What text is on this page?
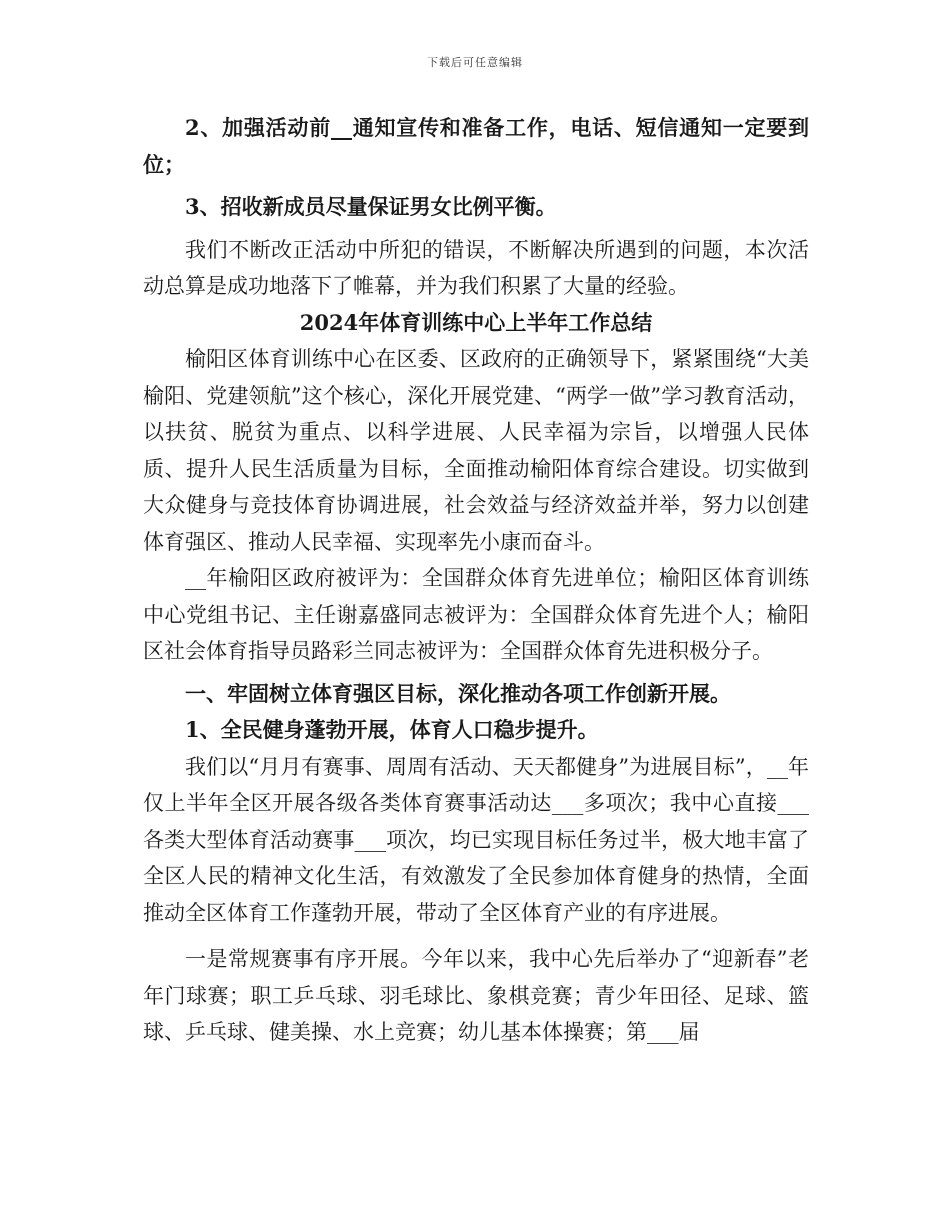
下载后可任意编辑

2、加强活动前__通知宣传和准备工作，电话、短信通知一定要到位；

3、招收新成员尽量保证男女比例平衡。

我们不断改正活动中所犯的错误，不断解决所遇到的问题，本次活动总算是成功地落下了帷幕，并为我们积累了大量的经验。

2024年体育训练中心上半年工作总结

榆阳区体育训练中心在区委、区政府的正确领导下，紧紧围绕“大美榆阳、党建领航”这个核心，深化开展党建、“两学一做”学习教育活动，以扶贫、脱贫为重点、以科学进展、人民幸福为宗旨，以增强人民体质、提升人民生活质量为目标，全面推动榆阳体育综合建设。切实做到大众健身与竞技体育协调进展，社会效益与经济效益并举，努力以创建体育强区、推动人民幸福、实现率先小康而奋斗。

__年榆阳区政府被评为：全国群众体育先进单位；榆阳区体育训练中心党组书记、主任谢嘉盛同志被评为：全国群众体育先进个人；榆阳区社会体育指导员路彩兰同志被评为：全国群众体育先进积极分子。

一、牢固树立体育强区目标，深化推动各项工作创新开展。

1、全民健身蓬勃开展，体育人口稳步提升。

我们以“月月有赛事、周周有活动、天天都健身”为进展目标”，__年仅上半年全区开展各级各类体育赛事活动达___多项次；我中心直接___各类大型体育活动赛事___项次，均已实现目标任务过半，极大地丰富了全区人民的精神文化生活，有效激发了全民参加体育健身的热情，全面推动全区体育工作蓬勃开展，带动了全区体育产业的有序进展。

一是常规赛事有序开展。今年以来，我中心先后举办了“迎新春”老年门球赛；职工乒乓球、羽毛球比、象棋竞赛；青少年田径、足球、篮球、乒乓球、健美操、水上竞赛；幼儿基本体操赛；第___届
